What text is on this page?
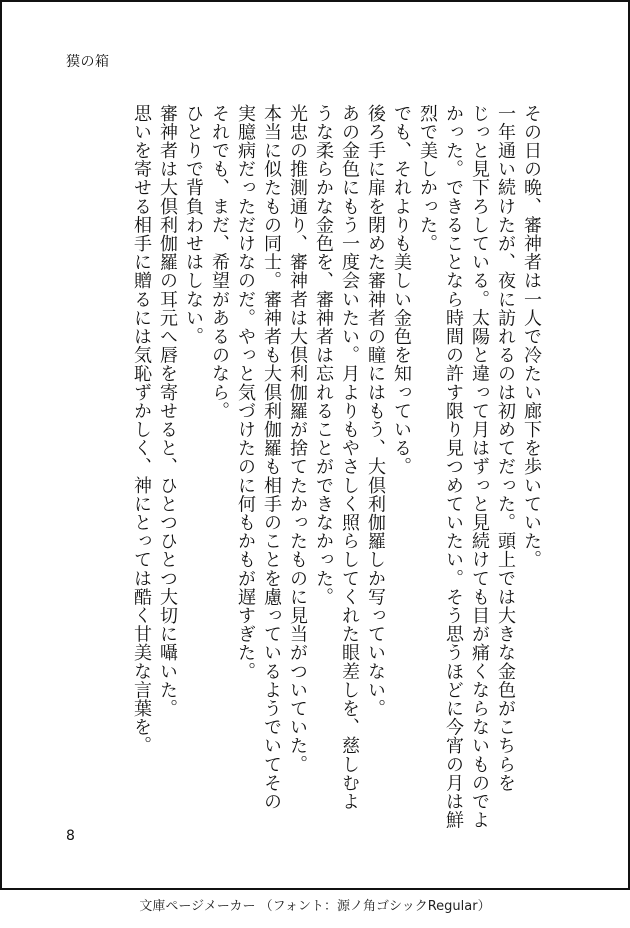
獏の箱

その日の晩、審神者は一人で冷たい廊下を歩いていた。

一年通い続けたが、夜に訪れるのは初めてだった。頭上では大きな金色がこちらを

じっと見下ろしている。太陽と違って月はずっと見続けても目が痛くならないものでよ

かった。できることなら時間の許す限り見つめていたい。そう思うほどに今宵の月は鮮

烈で美しかった。

でも、それよりも美しい金色を知っている。

後ろ手に扉を閉めた審神者の瞳にはもう、大倶利伽羅しか写っていない。

あの金色にもう一度会いたい。月よりもやさしく照らしてくれた眼差しを、慈しむよ

うな柔らかな金色を、審神者は忘れることができなかった。

光忠の推測通り、審神者は大倶利伽羅が捨てたかったものに見当がついていた。

本当に似たもの同士。審神者も大倶利伽羅も相手のことを慮っているようでいてその

実臆病だっただけなのだ。やっと気づけたのに何もかもが遅すぎた。

それでも、まだ、希望があるのなら。

ひとりで背負わせはしない。

審神者は大倶利伽羅の耳元へ唇を寄せると、ひとつひとつ大切に囁いた。

思いを寄せる相手に贈るには気恥ずかしく、神にとっては酷く甘美な言葉を。

8
文庫ページメーカー （フォント：源ノ角ゴシックRegular）
